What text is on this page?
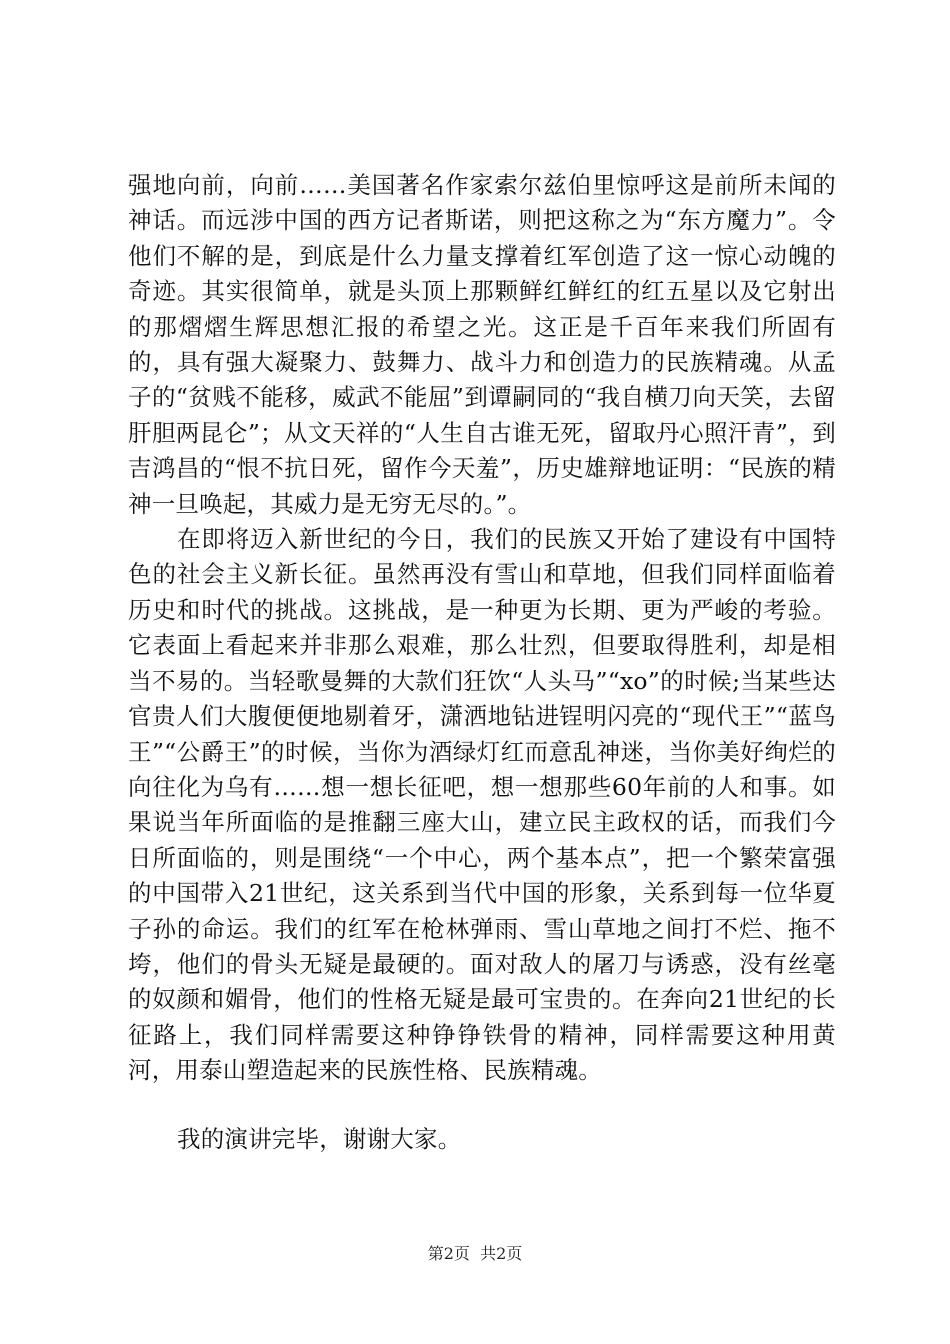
强地向前，向前……美国著名作家索尔兹伯里惊呼这是前所未闻的神话。而远涉中国的西方记者斯诺，则把这称之为“东方魔力”。令他们不解的是，到底是什么力量支撑着红军创造了这一惊心动魄的奇迹。其实很简单，就是头顶上那颗鲜红鲜红的红五星以及它射出的那熠熠生辉思想汇报的希望之光。这正是千百年来我们所固有的，具有强大凝聚力、鼓舞力、战斗力和创造力的民族精魂。从孟子的“贫贱不能移，威武不能屈”到谭嗣同的“我自横刀向天笑，去留肝胆两昆仑”；从文天祥的“人生自古谁无死，留取丹心照汗青”，到吉鸿昌的“恨不抗日死，留作今天羞”，历史雄辩地证明：“民族的精神一旦唤起，其威力是无穷无尽的。”。

在即将迈入新世纪的今日，我们的民族又开始了建设有中国特色的社会主义新长征。虽然再没有雪山和草地，但我们同样面临着历史和时代的挑战。这挑战，是一种更为长期、更为严峻的考验。它表面上看起来并非那么艰难，那么壮烈，但要取得胜利，却是相当不易的。当轻歌曼舞的大款们狂饮“人头马”“xo”的时候;当某些达官贵人们大腹便便地剔着牙，潇洒地钻进锃明闪亮的“现代王”“蓝鸟王”“公爵王”的时候，当你为酒绿灯红而意乱神迷，当你美好绚烂的向往化为乌有……想一想长征吧，想一想那些60年前的人和事。如果说当年所面临的是推翻三座大山，建立民主政权的话，而我们今日所面临的，则是围绕“一个中心，两个基本点”，把一个繁荣富强的中国带入21世纪，这关系到当代中国的形象，关系到每一位华夏子孙的命运。我们的红军在枪林弹雨、雪山草地之间打不烂、拖不垮，他们的骨头无疑是最硬的。面对敌人的屠刀与诱惑，没有丝毫的奴颜和媚骨，他们的性格无疑是最可宝贵的。在奔向21世纪的长征路上，我们同样需要这种铮铮铁骨的精神，同样需要这种用黄河，用泰山塑造起来的民族性格、民族精魂。

我的演讲完毕，谢谢大家。

第2页  共2页
